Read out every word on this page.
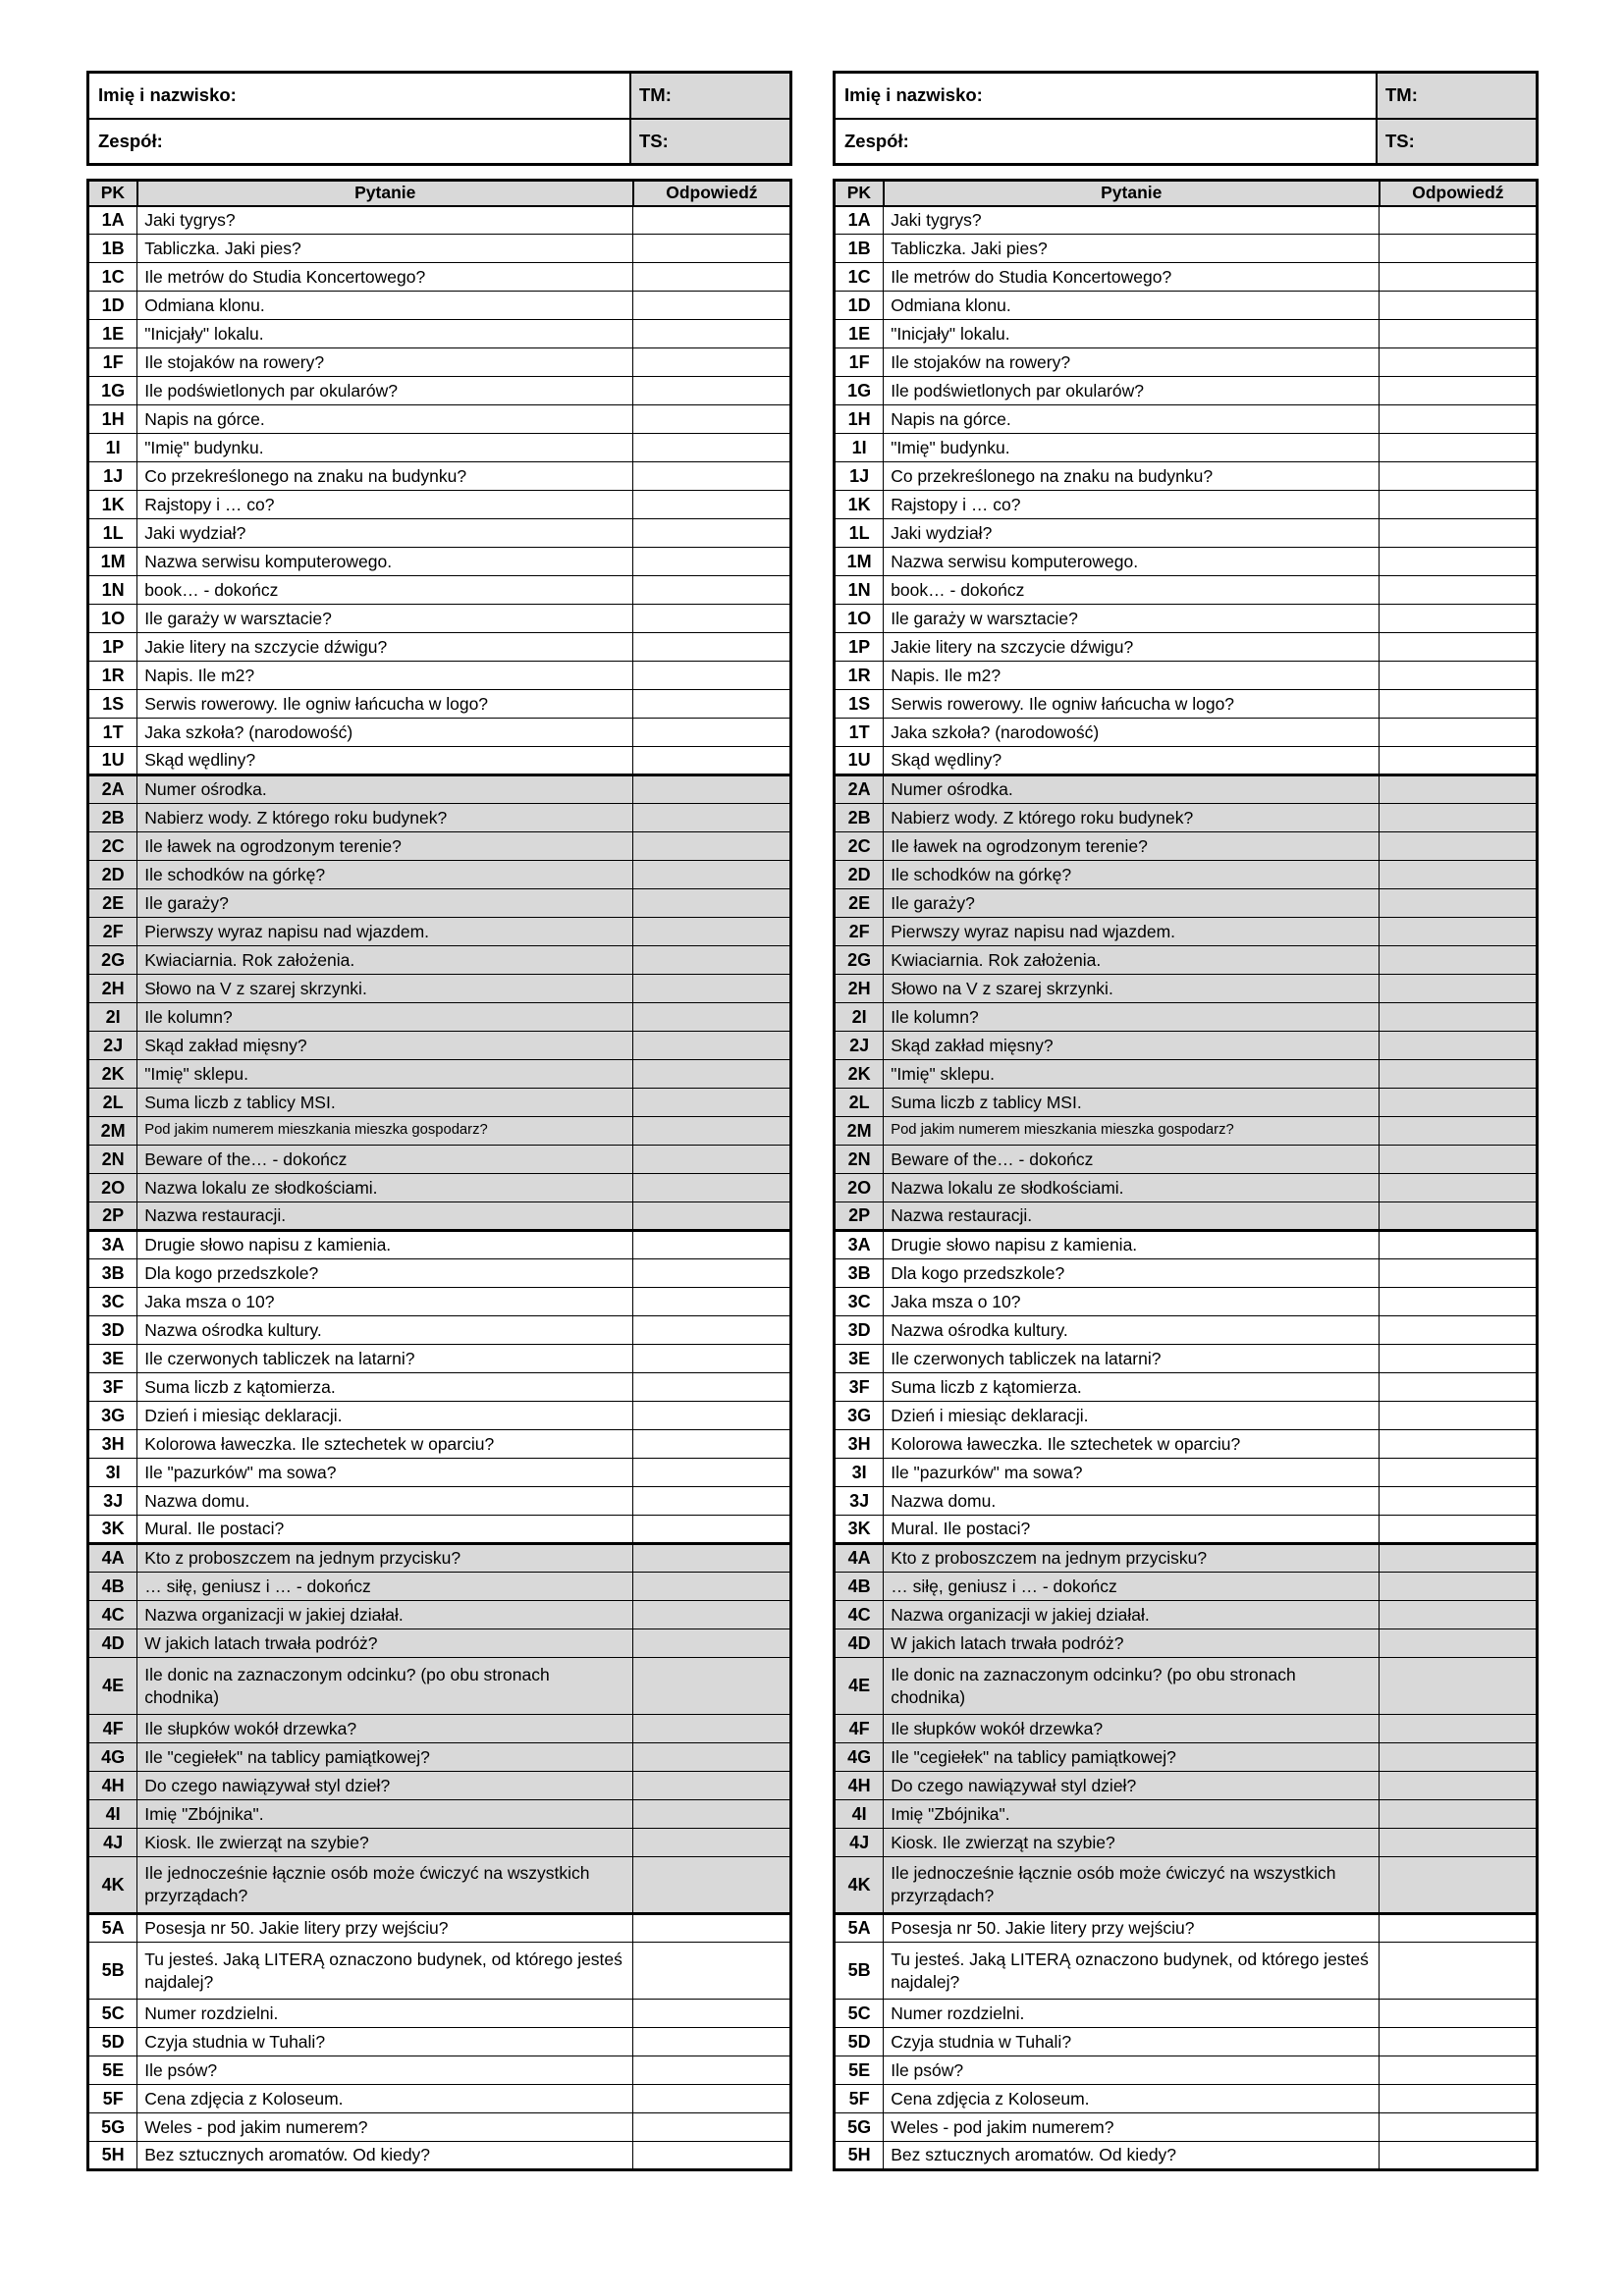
Imię i nazwisko:	TM:
Zespół:	TS:
PK	Pytanie	Odpowiedź
1A	Jaki tygrys?	
1B	Tabliczka. Jaki pies?	
1C	Ile metrów do Studia Koncertowego?	
1D	Odmiana klonu.	
1E	"Inicjały" lokalu.	
1F	Ile stojaków na rowery?	
1G	Ile podświetlonych par okularów?	
1H	Napis na górce.	
1I	"Imię" budynku.	
1J	Co przekreślonego na znaku na budynku?	
1K	Rajstopy i … co?	
1L	Jaki wydział?	
1M	Nazwa serwisu komputerowego.	
1N	book… - dokończ	
1O	Ile garaży w warsztacie?	
1P	Jakie litery na szczycie dźwigu?	
1R	Napis. Ile m2?	
1S	Serwis rowerowy. Ile ogniw łańcucha w logo?	
1T	Jaka szkoła? (narodowość)	
1U	Skąd wędliny?	
2A	Numer ośrodka.	
2B	Nabierz wody. Z którego roku budynek?	
2C	Ile ławek na ogrodzonym terenie?	
2D	Ile schodków na górkę?	
2E	Ile garaży?	
2F	Pierwszy wyraz napisu nad wjazdem.	
2G	Kwiaciarnia. Rok założenia.	
2H	Słowo na V z szarej skrzynki.	
2I	Ile kolumn?	
2J	Skąd zakład mięsny?	
2K	"Imię" sklepu.	
2L	Suma liczb z tablicy MSI.	
2M	Pod jakim numerem mieszkania mieszka gospodarz?	
2N	Beware of the… - dokończ	
2O	Nazwa lokalu ze słodkościami.	
2P	Nazwa restauracji.	
3A	Drugie słowo napisu z kamienia.	
3B	Dla kogo przedszkole?	
3C	Jaka msza o 10?	
3D	Nazwa ośrodka kultury.	
3E	Ile czerwonych tabliczek na latarni?	
3F	Suma liczb z kątomierza.	
3G	Dzień i miesiąc deklaracji.	
3H	Kolorowa ławeczka. Ile sztechetek w oparciu?	
3I	Ile "pazurków" ma sowa?	
3J	Nazwa domu.	
3K	Mural. Ile postaci?	
4A	Kto z proboszczem na jednym przycisku?	
4B	… siłę, geniusz i … - dokończ	
4C	Nazwa organizacji w jakiej działał.	
4D	W jakich latach trwała podróż?	
4E	Ile donic na zaznaczonym odcinku? (po obu stronach chodnika)	
4F	Ile słupków wokół drzewka?	
4G	Ile "cegiełek" na tablicy pamiątkowej?	
4H	Do czego nawiązywał styl dzieł?	
4I	Imię "Zbójnika".	
4J	Kiosk. Ile zwierząt na szybie?	
4K	Ile jednocześnie łącznie osób może ćwiczyć na wszystkich przyrządach?	
5A	Posesja nr 50. Jakie litery przy wejściu?	
5B	Tu jesteś. Jaką LITERĄ oznaczono budynek, od którego jesteś najdalej?	
5C	Numer rozdzielni.	
5D	Czyja studnia w Tuhali?	
5E	Ile psów?	
5F	Cena zdjęcia z Koloseum.	
5G	Weles - pod jakim numerem?	
5H	Bez sztucznych aromatów. Od kiedy?	
Imię i nazwisko:	TM:
Zespół:	TS:
PK	Pytanie	Odpowiedź
1A	Jaki tygrys?	
1B	Tabliczka. Jaki pies?	
1C	Ile metrów do Studia Koncertowego?	
1D	Odmiana klonu.	
1E	"Inicjały" lokalu.	
1F	Ile stojaków na rowery?	
1G	Ile podświetlonych par okularów?	
1H	Napis na górce.	
1I	"Imię" budynku.	
1J	Co przekreślonego na znaku na budynku?	
1K	Rajstopy i … co?	
1L	Jaki wydział?	
1M	Nazwa serwisu komputerowego.	
1N	book… - dokończ	
1O	Ile garaży w warsztacie?	
1P	Jakie litery na szczycie dźwigu?	
1R	Napis. Ile m2?	
1S	Serwis rowerowy. Ile ogniw łańcucha w logo?	
1T	Jaka szkoła? (narodowość)	
1U	Skąd wędliny?	
2A	Numer ośrodka.	
2B	Nabierz wody. Z którego roku budynek?	
2C	Ile ławek na ogrodzonym terenie?	
2D	Ile schodków na górkę?	
2E	Ile garaży?	
2F	Pierwszy wyraz napisu nad wjazdem.	
2G	Kwiaciarnia. Rok założenia.	
2H	Słowo na V z szarej skrzynki.	
2I	Ile kolumn?	
2J	Skąd zakład mięsny?	
2K	"Imię" sklepu.	
2L	Suma liczb z tablicy MSI.	
2M	Pod jakim numerem mieszkania mieszka gospodarz?	
2N	Beware of the… - dokończ	
2O	Nazwa lokalu ze słodkościami.	
2P	Nazwa restauracji.	
3A	Drugie słowo napisu z kamienia.	
3B	Dla kogo przedszkole?	
3C	Jaka msza o 10?	
3D	Nazwa ośrodka kultury.	
3E	Ile czerwonych tabliczek na latarni?	
3F	Suma liczb z kątomierza.	
3G	Dzień i miesiąc deklaracji.	
3H	Kolorowa ławeczka. Ile sztechetek w oparciu?	
3I	Ile "pazurków" ma sowa?	
3J	Nazwa domu.	
3K	Mural. Ile postaci?	
4A	Kto z proboszczem na jednym przycisku?	
4B	… siłę, geniusz i … - dokończ	
4C	Nazwa organizacji w jakiej działał.	
4D	W jakich latach trwała podróż?	
4E	Ile donic na zaznaczonym odcinku? (po obu stronach chodnika)	
4F	Ile słupków wokół drzewka?	
4G	Ile "cegiełek" na tablicy pamiątkowej?	
4H	Do czego nawiązywał styl dzieł?	
4I	Imię "Zbójnika".	
4J	Kiosk. Ile zwierząt na szybie?	
4K	Ile jednocześnie łącznie osób może ćwiczyć na wszystkich przyrządach?	
5A	Posesja nr 50. Jakie litery przy wejściu?	
5B	Tu jesteś. Jaką LITERĄ oznaczono budynek, od którego jesteś najdalej?	
5C	Numer rozdzielni.	
5D	Czyja studnia w Tuhali?	
5E	Ile psów?	
5F	Cena zdjęcia z Koloseum.	
5G	Weles - pod jakim numerem?	
5H	Bez sztucznych aromatów. Od kiedy?	
